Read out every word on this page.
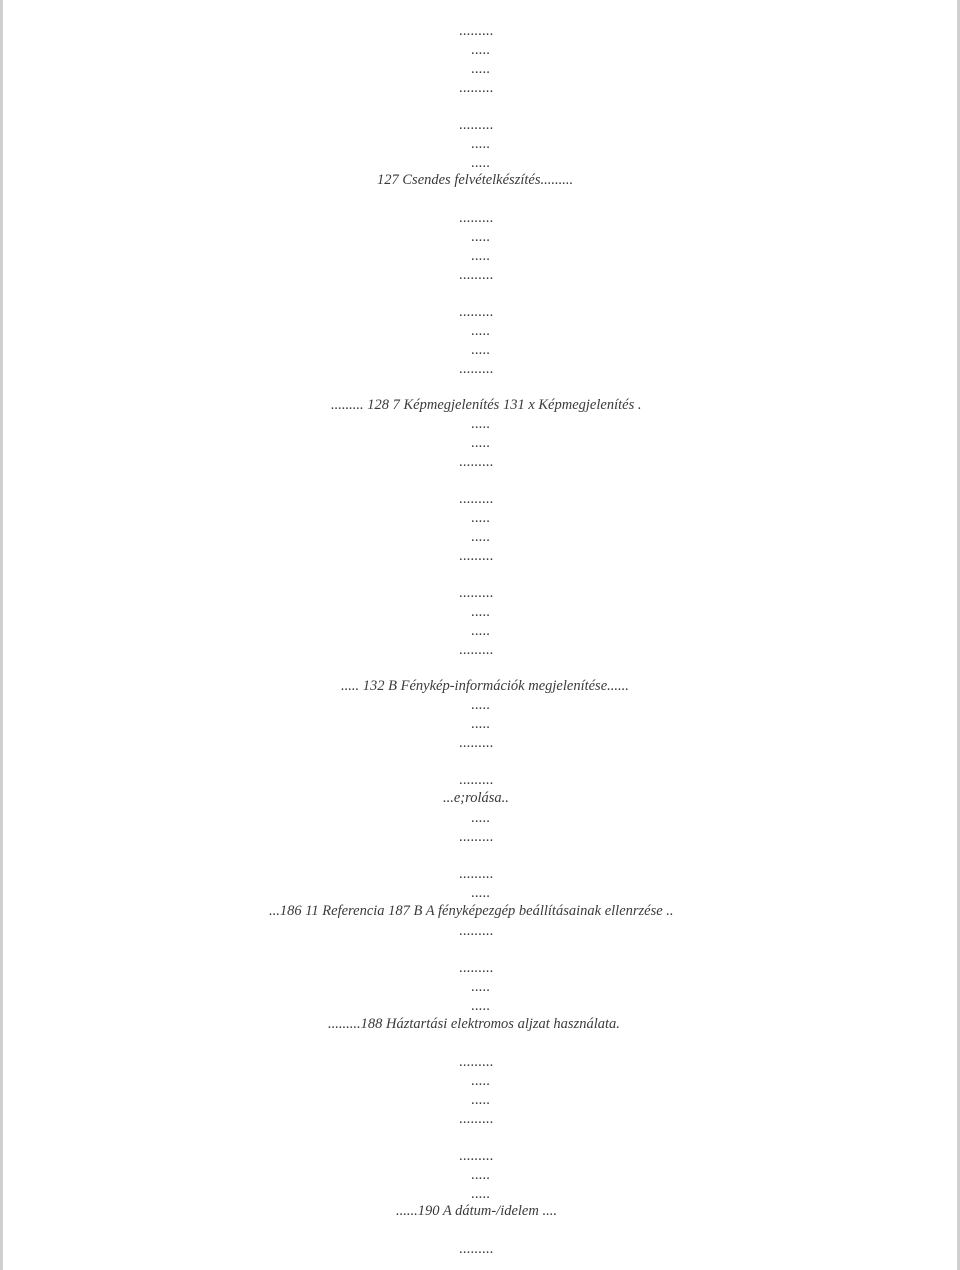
.........
.....
.....
.........
.........
.....
.....
127 Csendes felvételkészítés.........
.........
.....
.....
.........
.........
.....
.....
.........
......... 128 7 Képmegjelenítés 131 x Képmegjelenítés .
.....
.....
.........
.........
.....
.....
.........
.........
.....
.....
.........
..... 132 B Fénykép-információk megjelenítése......
.....
.....
.........
.........
...e;rolása..
.....
.........
.........
.....
...186 11 Referencia 187 B A fényképezgép beállításainak ellenrzése ..
.........
.........
.....
.....
.........188 Háztartási elektromos aljzat használata.
.........
.....
.....
.........
.........
.....
.....
......190 A dátum-/idelem ....
.........
